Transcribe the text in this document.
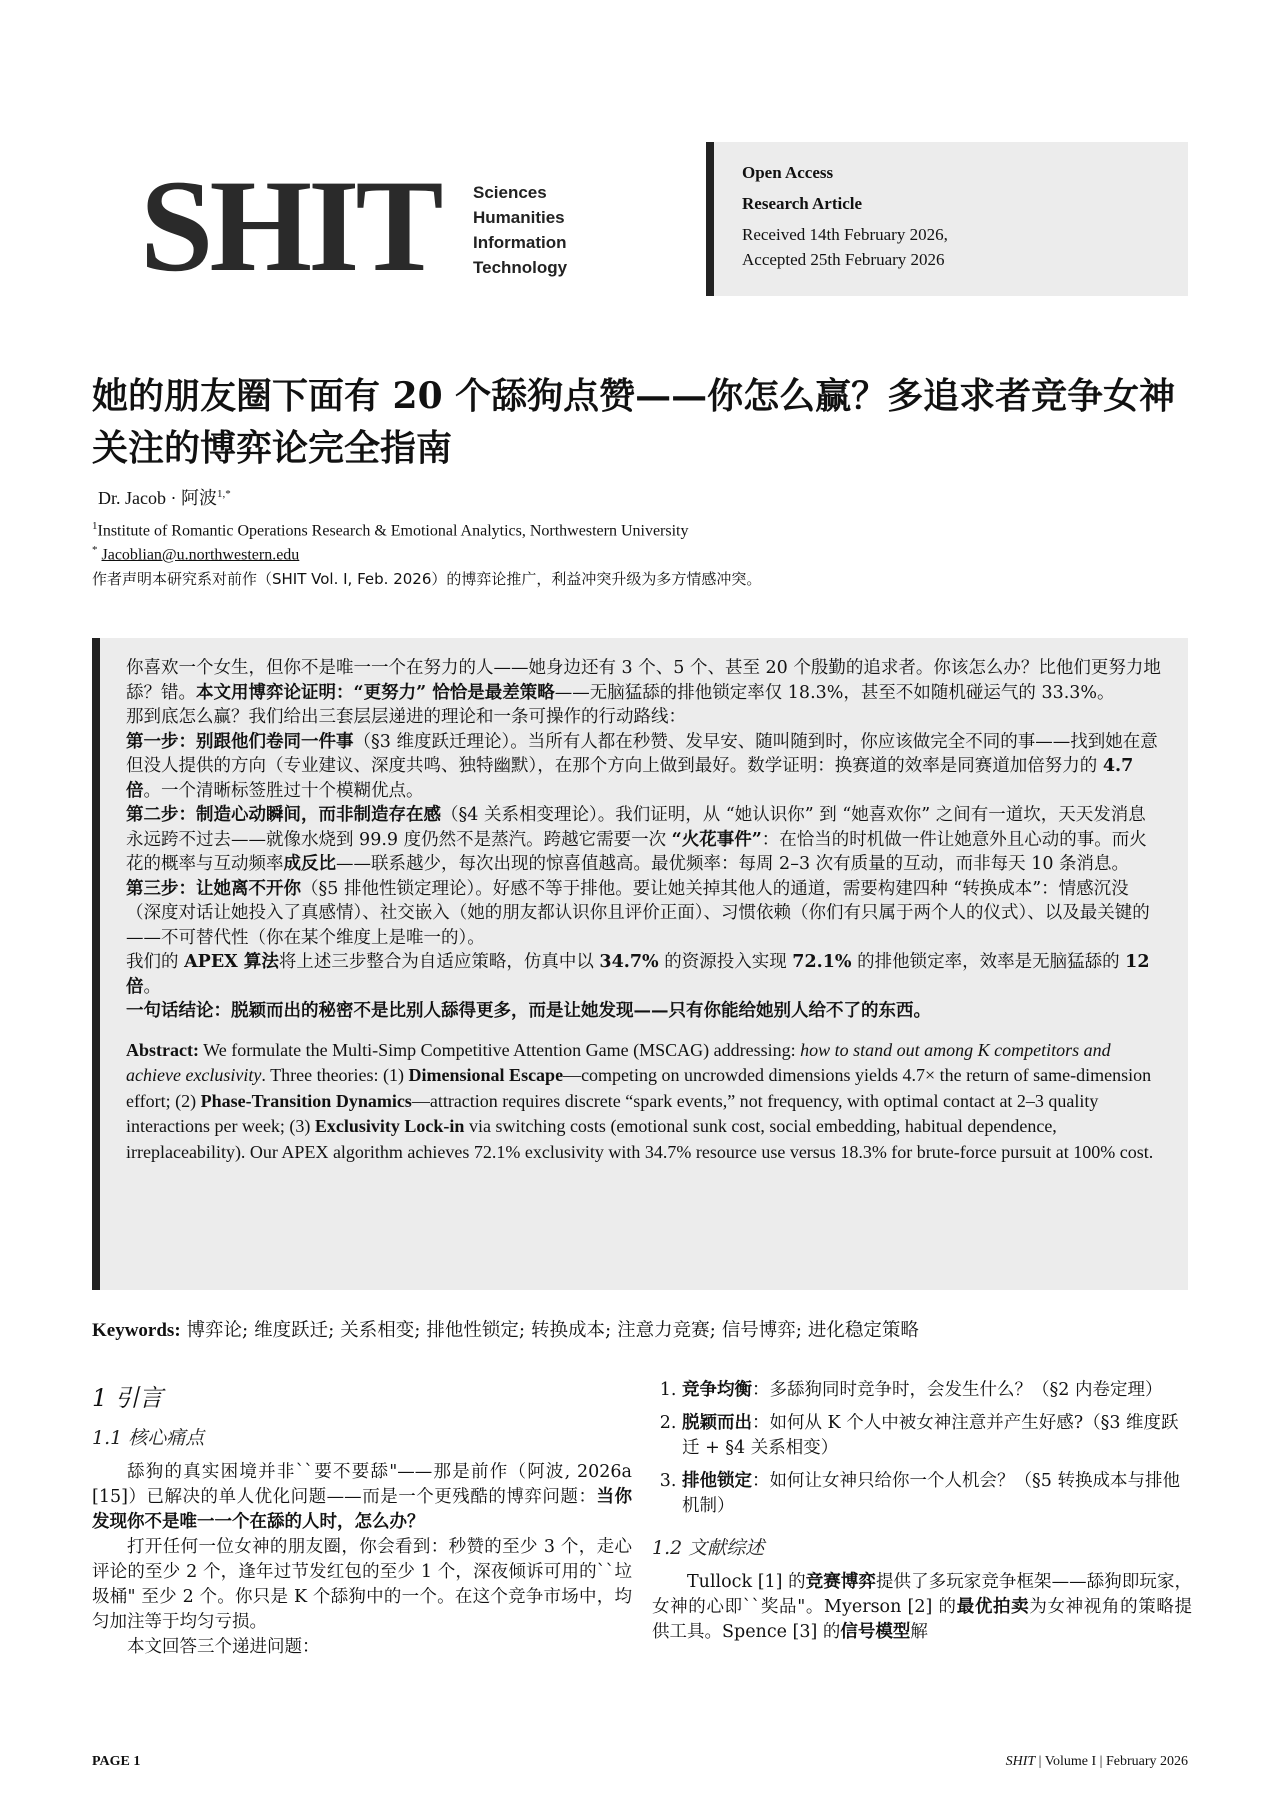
SHIT Sciences
Humanities
Information
Technology
Open Access
Research Article
Received 14th February 2026,
Accepted 25th February 2026
她的朋友圈下面有 20 个舔狗点赞——你怎么赢？多追求者竞争女神关注的博弈论完全指南
Dr. Jacob · 阿波$^{1,*}$
$^1$Institute of Romantic Operations Research & Emotional Analytics, Northwestern University
* Jacoblian@u.northwestern.edu
作者声明本研究系对前作（SHIT Vol. I, Feb. 2026）的博弈论推广，利益冲突升级为多方情感冲突。
你喜欢一个女生，但你不是唯一一个在努力的人——她身边还有 3 个、5 个、甚至 20 个殷勤的追求者。你该怎么办？比他们更努力地舔？错。本文用博弈论证明：“更努力” 恰恰是最差策略——无脑猛舔的排他锁定率仅 18.3%，甚至不如随机碰运气的 33.3%。
那到底怎么赢？我们给出三套层层递进的理论和一条可操作的行动路线：
第一步：别跟他们卷同一件事（§3 维度跃迁理论）。当所有人都在秒赞、发早安、随叫随到时，你应该做完全不同的事——找到她在意但没人提供的方向（专业建议、深度共鸣、独特幽默），在那个方向上做到最好。数学证明：换赛道的效率是同赛道加倍努力的 4.7 倍。一个清晰标签胜过十个模糊优点。
第二步：制造心动瞬间，而非制造存在感（§4 关系相变理论）。我们证明，从 “她认识你” 到 “她喜欢你” 之间有一道坎，天天发消息永远跨不过去——就像水烧到 99.9 度仍然不是蒸汽。跨越它需要一次 “火花事件”：在恰当的时机做一件让她意外且心动的事。而火花的概率与互动频率成反比——联系越少，每次出现的惊喜值越高。最优频率：每周 2–3 次有质量的互动，而非每天 10 条消息。
第三步：让她离不开你（§5 排他性锁定理论）。好感不等于排他。要让她关掉其他人的通道，需要构建四种 “转换成本”：情感沉没（深度对话让她投入了真感情）、社交嵌入（她的朋友都认识你且评价正面）、习惯依赖（你们有只属于两个人的仪式）、以及最关键的——不可替代性（你在某个维度上是唯一的）。
我们的 APEX 算法将上述三步整合为自适应策略，仿真中以 34.7% 的资源投入实现 72.1% 的排他锁定率，效率是无脑猛舔的 12 倍。
一句话结论：脱颖而出的秘密不是比别人舔得更多，而是让她发现——只有你能给她别人给不了的东西。
Abstract: We formulate the Multi-Simp Competitive Attention Game (MSCAG) addressing: how to stand out among K competitors and achieve exclusivity. Three theories: (1) Dimensional Escape—competing on uncrowded dimensions yields 4.7× the return of same-dimension effort; (2) Phase-Transition Dynamics—attraction requires discrete “spark events,” not frequency, with optimal contact at 2–3 quality interactions per week; (3) Exclusivity Lock-in via switching costs (emotional sunk cost, social embedding, habitual dependence, irreplaceability). Our APEX algorithm achieves 72.1% exclusivity with 34.7% resource use versus 18.3% for brute-force pursuit at 100% cost.
Keywords: 博弈论; 维度跃迁; 关系相变; 排他性锁定; 转换成本; 注意力竞赛; 信号博弈; 进化稳定策略
1 引言
1.1 核心痛点

舔狗的真实困境并非``要不要舔"——那是前作（阿波, 2026a [15]）已解决的单人优化问题——而是一个更残酷的博弈问题：当你发现你不是唯一一个在舔的人时，怎么办？

打开任何一位女神的朋友圈，你会看到：秒赞的至少 3 个，走心评论的至少 2 个，逢年过节发红包的至少 1 个，深夜倾诉可用的``垃圾桶" 至少 2 个。你只是 K 个舔狗中的一个。在这个竞争市场中，均匀加注等于均匀亏损。

本文回答三个递进问题：

1. 竞争均衡：多舔狗同时竞争时，会发生什么？（§2 内卷定理）
2. 脱颖而出：如何从 K 个人中被女神注意并产生好感?（§3 维度跃迁 + §4 关系相变）
3. 排他锁定：如何让女神只给你一个人机会？（§5 转换成本与排他机制）
1.2 文献综述

Tullock [1] 的竞赛博弈提供了多玩家竞争框架——舔狗即玩家，女神的心即``奖品"。Myerson [2] 的最优拍卖为女神视角的策略提供工具。Spence [3] 的信号模型解

PAGE 1	SHIT | Volume I | February 2026
